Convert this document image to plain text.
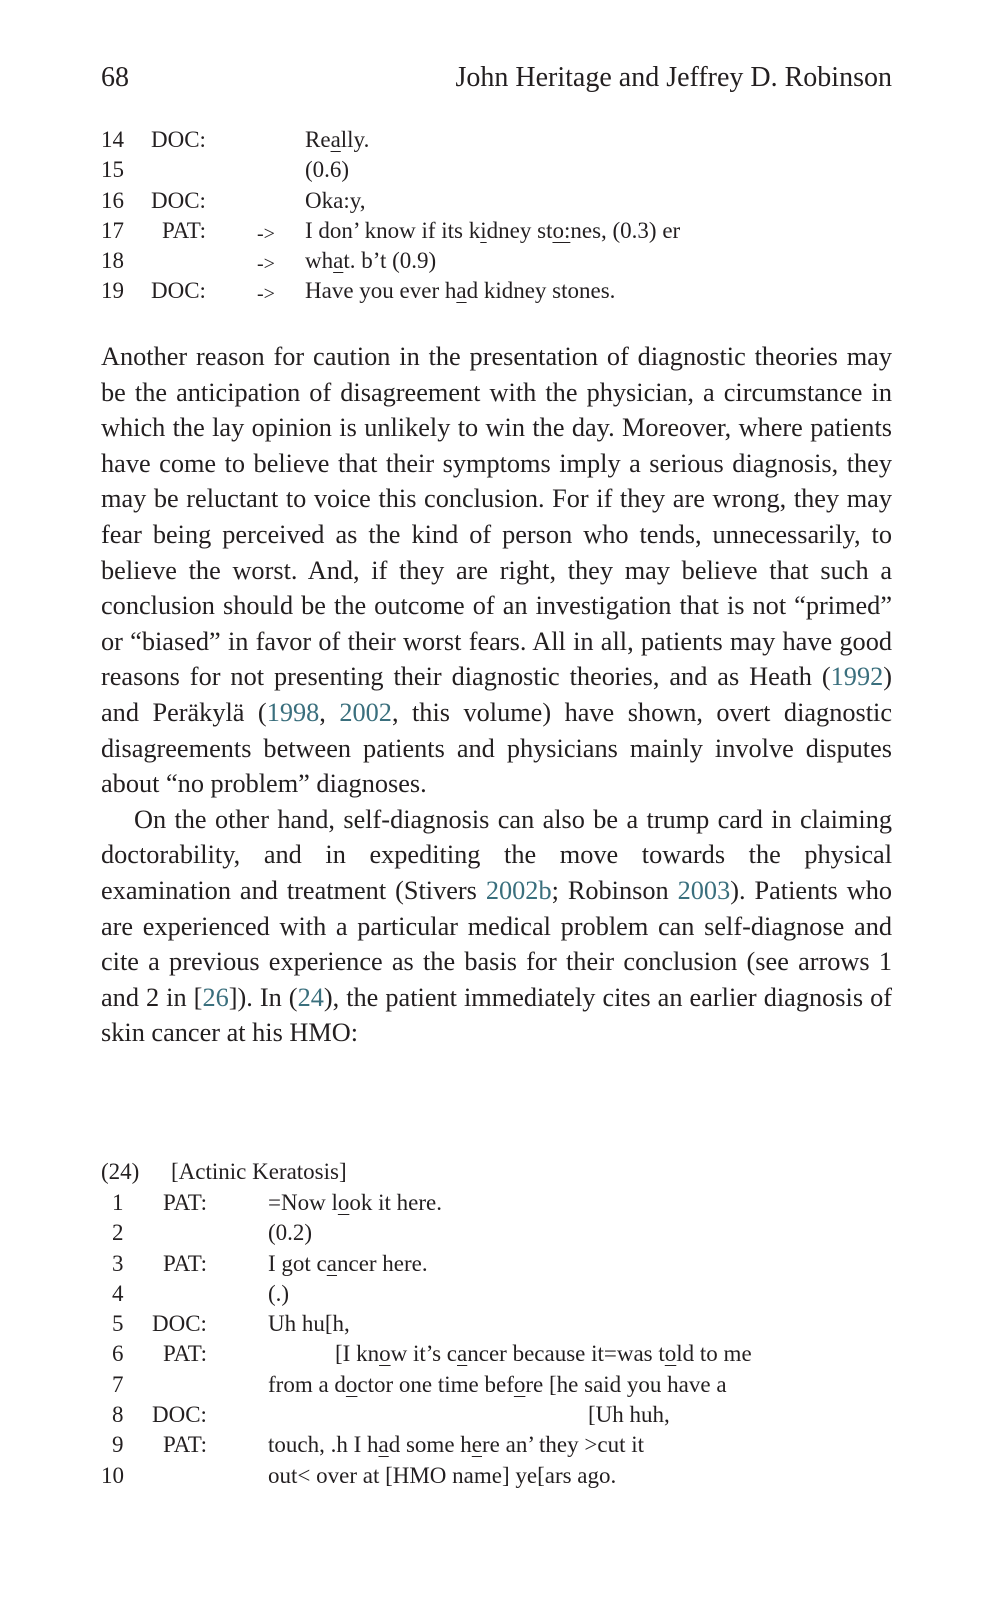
68	John Heritage and Jeffrey D. Robinson
14 DOC:	Really.
15	(0.6)
16 DOC:	Oka:y,
17 PAT:	-> I don’ know if its kidney sto:nes, (0.3) er
18	-> what. b’t (0.9)
19 DOC:	-> Have you ever had kidney stones.

Another reason for caution in the presentation of diagnostic theories may be the anticipation of disagreement with the physician, a circumstance in which the lay opinion is unlikely to win the day. Moreover, where patients have come to believe that their symptoms imply a serious diagnosis, they may be reluctant to voice this conclusion. For if they are wrong, they may fear being perceived as the kind of person who tends, unnecessarily, to believe the worst. And, if they are right, they may believe that such a conclusion should be the outcome of an investigation that is not “primed” or “biased” in favor of their worst fears. All in all, patients may have good reasons for not presenting their diagnostic theories, and as Heath (1992) and Peräkylä (1998, 2002, this volume) have shown, overt diagnostic disagreements between patients and physicians mainly involve disputes about “no problem” diagnoses.

On the other hand, self-diagnosis can also be a trump card in claiming doctorability, and in expediting the move towards the physical examination and treatment (Stivers 2002b; Robinson 2003). Patients who are experienced with a particular medical problem can self-diagnose and cite a previous experience as the basis for their conclusion (see arrows 1 and 2 in [26]). In (24), the patient immediately cites an earlier diagnosis of skin cancer at his HMO:

(24) [Actinic Keratosis]
1 PAT:	=Now look it here.
2	(0.2)
3 PAT:	I got cancer here.
4	(.)
5 DOC:	Uh hu[h,
6 PAT:	[I know it’s cancer because it=was told to me
7	from a doctor one time before [he said you have a
8 DOC:	[Uh huh,
9 PAT:	touch, .h I had some here an’ they >cut it
10	out< over at [HMO name] ye[ars ago.
